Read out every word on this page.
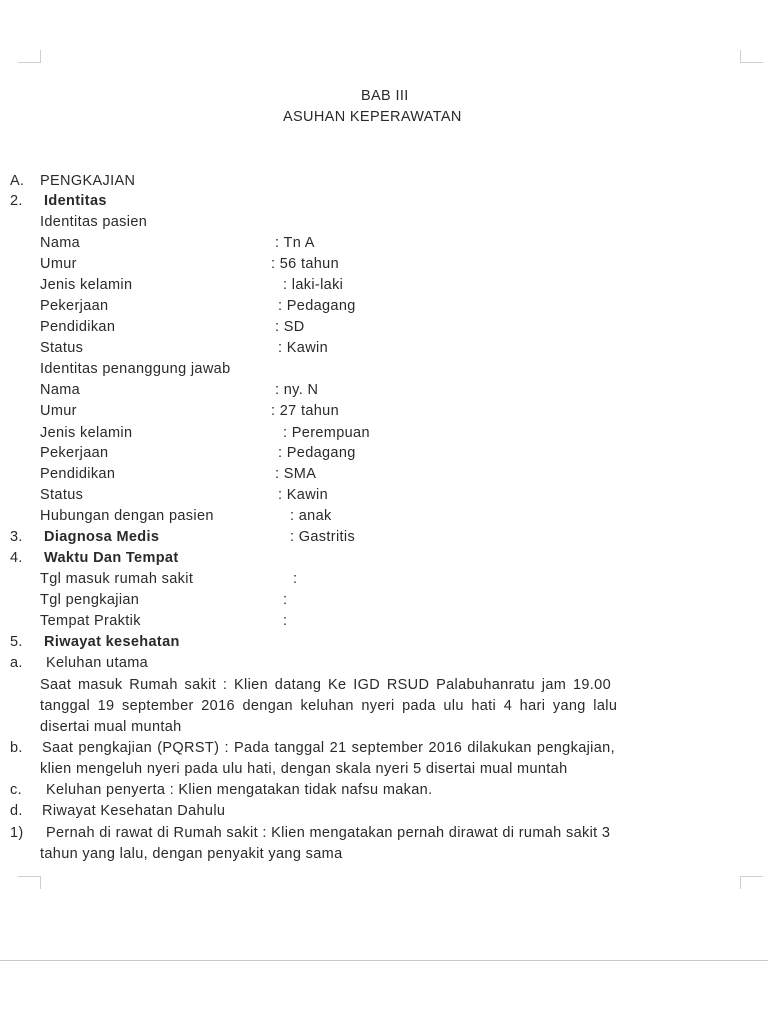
BAB III
ASUHAN KEPERAWATAN
A. PENGKAJIAN
2. Identitas
Identitas pasien
Nama	: Tn A
Umur	: 56 tahun
Jenis kelamin	: laki-laki
Pekerjaan	: Pedagang
Pendidikan	: SD
Status	: Kawin
Identitas penanggung jawab
Nama	: ny. N
Umur	: 27 tahun
Jenis kelamin	: Perempuan
Pekerjaan	: Pedagang
Pendidikan	: SMA
Status	: Kawin
Hubungan dengan pasien	: anak
3. Diagnosa Medis	: Gastritis
4. Waktu Dan Tempat
Tgl masuk rumah sakit	:
Tgl pengkajian	:
Tempat Praktik	:
5. Riwayat kesehatan
a. Keluhan utama
Saat masuk Rumah sakit : Klien datang Ke IGD RSUD Palabuhanratu jam 19.00
tanggal 19 september 2016 dengan keluhan nyeri pada ulu hati 4 hari yang lalu
disertai mual muntah
b. Saat pengkajian (PQRST) : Pada tanggal 21 september 2016 dilakukan pengkajian,
klien mengeluh nyeri pada ulu hati, dengan skala nyeri 5 disertai mual muntah
c. Keluhan penyerta : Klien mengatakan tidak nafsu makan.
d. Riwayat Kesehatan Dahulu
1) Pernah di rawat di Rumah sakit : Klien mengatakan pernah dirawat di rumah sakit 3
tahun yang lalu, dengan penyakit yang sama
